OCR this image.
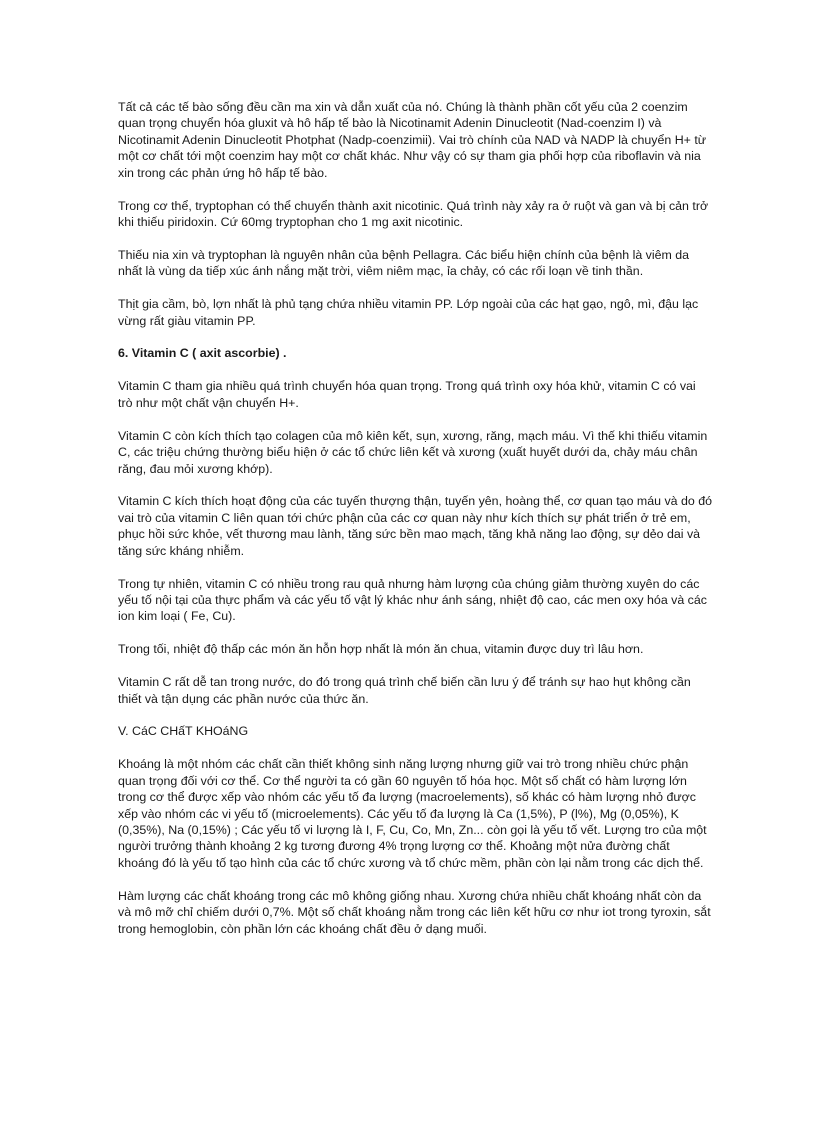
Tất cả các tế bào sống đều cần ma xin và dẫn xuất của nó. Chúng là thành phần cốt yếu của 2 coenzim quan trọng chuyển hóa gluxit và hô hấp tế bào là Nicotinamit Adenin Dinucleotit (Nad-coenzim I) và Nicotinamit Adenin Dinucleotit Photphat (Nadp-coenzimii). Vai trò chính của NAD và NADP là chuyển H+ từ một cơ chất tới một coenzim hay một cơ chất khác. Như vậy có sự tham gia phối hợp của riboflavin và nia xin trong các phản ứng hô hấp tế bào.

Trong cơ thể, tryptophan có thể chuyển thành axit nicotinic. Quá trình này xảy ra ở ruột và gan và bị cản trở khi thiếu piridoxin. Cứ 60mg tryptophan cho 1 mg axit nicotinic.

Thiếu nia xin và tryptophan là nguyên nhân của bệnh Pellagra. Các biểu hiện chính của bệnh là viêm da nhất là vùng da tiếp xúc ánh nắng mặt trời, viêm niêm mạc, ỉa chảy, có các rối loạn về tinh thần.

Thịt gia cầm, bò, lợn nhất là phủ tạng chứa nhiều vitamin PP. Lớp ngoài của các hạt gạo, ngô, mì, đậu lạc vừng rất giàu vitamin PP.

6. Vitamin C ( axit ascorbie) .

Vitamin C tham gia nhiều quá trình chuyển hóa quan trọng. Trong quá trình oxy hóa khử, vitamin C có vai trò như một chất vận chuyển H+.

Vitamin C còn kích thích tạo colagen của mô kiên kết, sụn, xương, răng, mạch máu. Vì thế khi thiếu vitamin C, các triệu chứng thường biểu hiện ở các tổ chức liên kết và xương (xuất huyết dưới da, chảy máu chân răng, đau mỏi xương khớp).

Vitamin C kích thích hoạt động của các tuyến thượng thận, tuyến yên, hoàng thể, cơ quan tạo máu và do đó vai trò của vitamin C liên quan tới chức phận của các cơ quan này như kích thích sự phát triển ở trẻ em, phục hồi sức khỏe, vết thương mau lành, tăng sức bền mao mạch, tăng khả năng lao động, sự dẻo dai và tăng sức kháng nhiễm.

Trong tự nhiên, vitamin C có nhiều trong rau quả nhưng hàm lượng của chúng giảm thường xuyên do các yếu tố nội tại của thực phẩm và các yếu tố vật lý khác như ánh sáng, nhiệt độ cao, các men oxy hóa và các ion kim loại ( Fe, Cu).

Trong tối, nhiệt độ thấp các món ăn hỗn hợp nhất là món ăn chua, vitamin được duy trì lâu hơn.

Vitamin C rất dễ tan trong nước, do đó trong quá trình chế biến cần lưu ý để tránh sự hao hụt không cần thiết và tận dụng các phần nước của thức ăn.

V. CáC CHấT KHOáNG

Khoáng là một nhóm các chất cần thiết không sinh năng lượng nhưng giữ vai trò trong nhiều chức phận quan trọng đối với cơ thể. Cơ thể người ta có gần 60 nguyên tố hóa học. Một số chất có hàm lượng lớn trong cơ thể được xếp vào nhóm các yếu tố đa lượng (macroelements), số khác có hàm lượng nhỏ được xếp vào nhóm các vi yếu tố (microelements). Các yếu tố đa lượng là Ca (1,5%), P (l%), Mg (0,05%), K (0,35%), Na (0,15%) ; Các yếu tố vi lượng là I, F, Cu, Co, Mn, Zn... còn gọi là yếu tố vết. Lượng tro của một người trưởng thành khoảng 2 kg tương đương 4% trọng lượng cơ thể. Khoảng một nửa đường chất khoáng đó là yếu tố tạo hình của các tổ chức xương và tổ chức mềm, phần còn lại nằm trong các dịch thể.

Hàm lượng các chất khoáng trong các mô không giống nhau. Xương chứa nhiều chất khoáng nhất còn da và mô mỡ chỉ chiếm dưới 0,7%. Một số chất khoáng nằm trong các liên kết hữu cơ như iot trong tyroxin, sắt trong hemoglobin, còn phần lớn các khoáng chất đều ở dạng muối.
